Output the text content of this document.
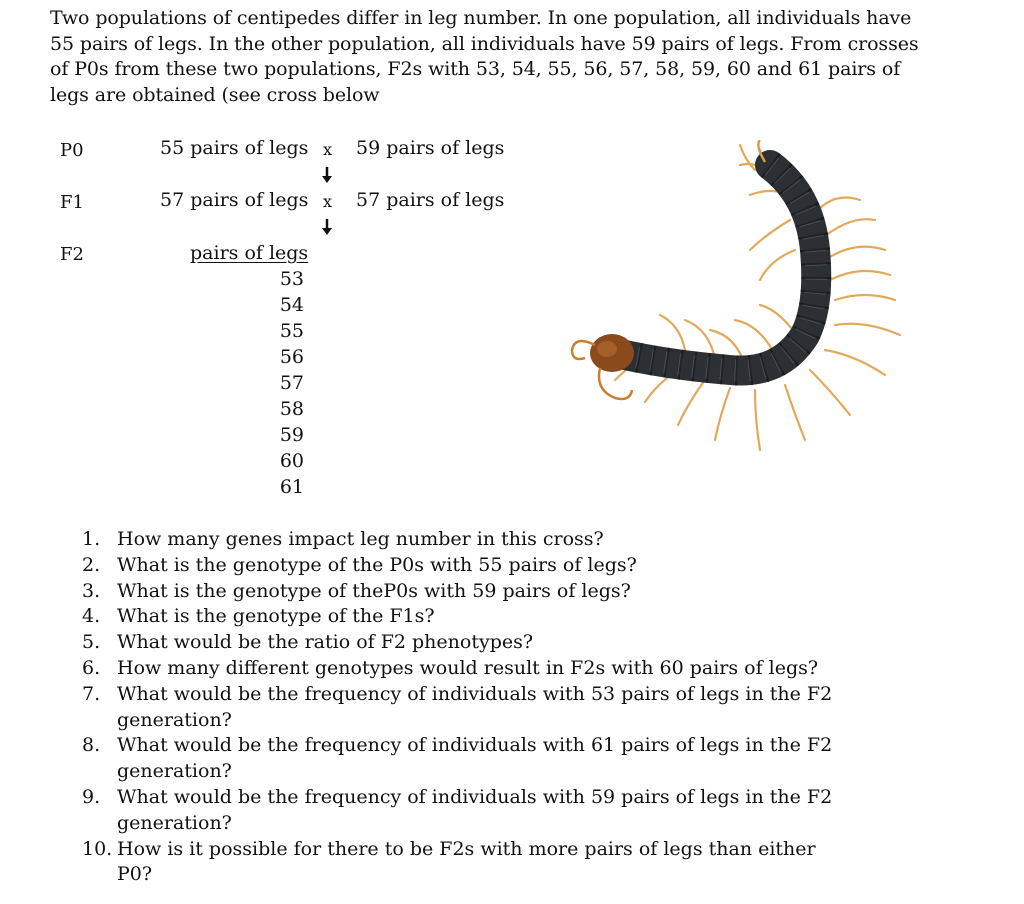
Two populations of centipedes differ in leg number. In one population, all individuals have 55 pairs of legs. In the other population, all individuals have 59 pairs of legs. From crosses of P0s from these two populations, F2s with 53, 54, 55, 56, 57, 58, 59, 60 and 61 pairs of legs are obtained (see cross below
P0	55 pairs of legs x 59 pairs of legs
F1	57 pairs of legs x 57 pairs of legs
F2	pairs of legs
53
54
55
56
57
58
59
60
61
1. How many genes impact leg number in this cross?
2. What is the genotype of the P0s with 55 pairs of legs?
3. What is the genotype of theP0s with 59 pairs of legs?
4. What is the genotype of the F1s?
5. What would be the ratio of F2 phenotypes?
6. How many different genotypes would result in F2s with 60 pairs of legs?
7. What would be the frequency of individuals with 53 pairs of legs in the F2 generation?
8. What would be the frequency of individuals with 61 pairs of legs in the F2 generation?
9. What would be the frequency of individuals with 59 pairs of legs in the F2 generation?
10. How is it possible for there to be F2s with more pairs of legs than either P0?
